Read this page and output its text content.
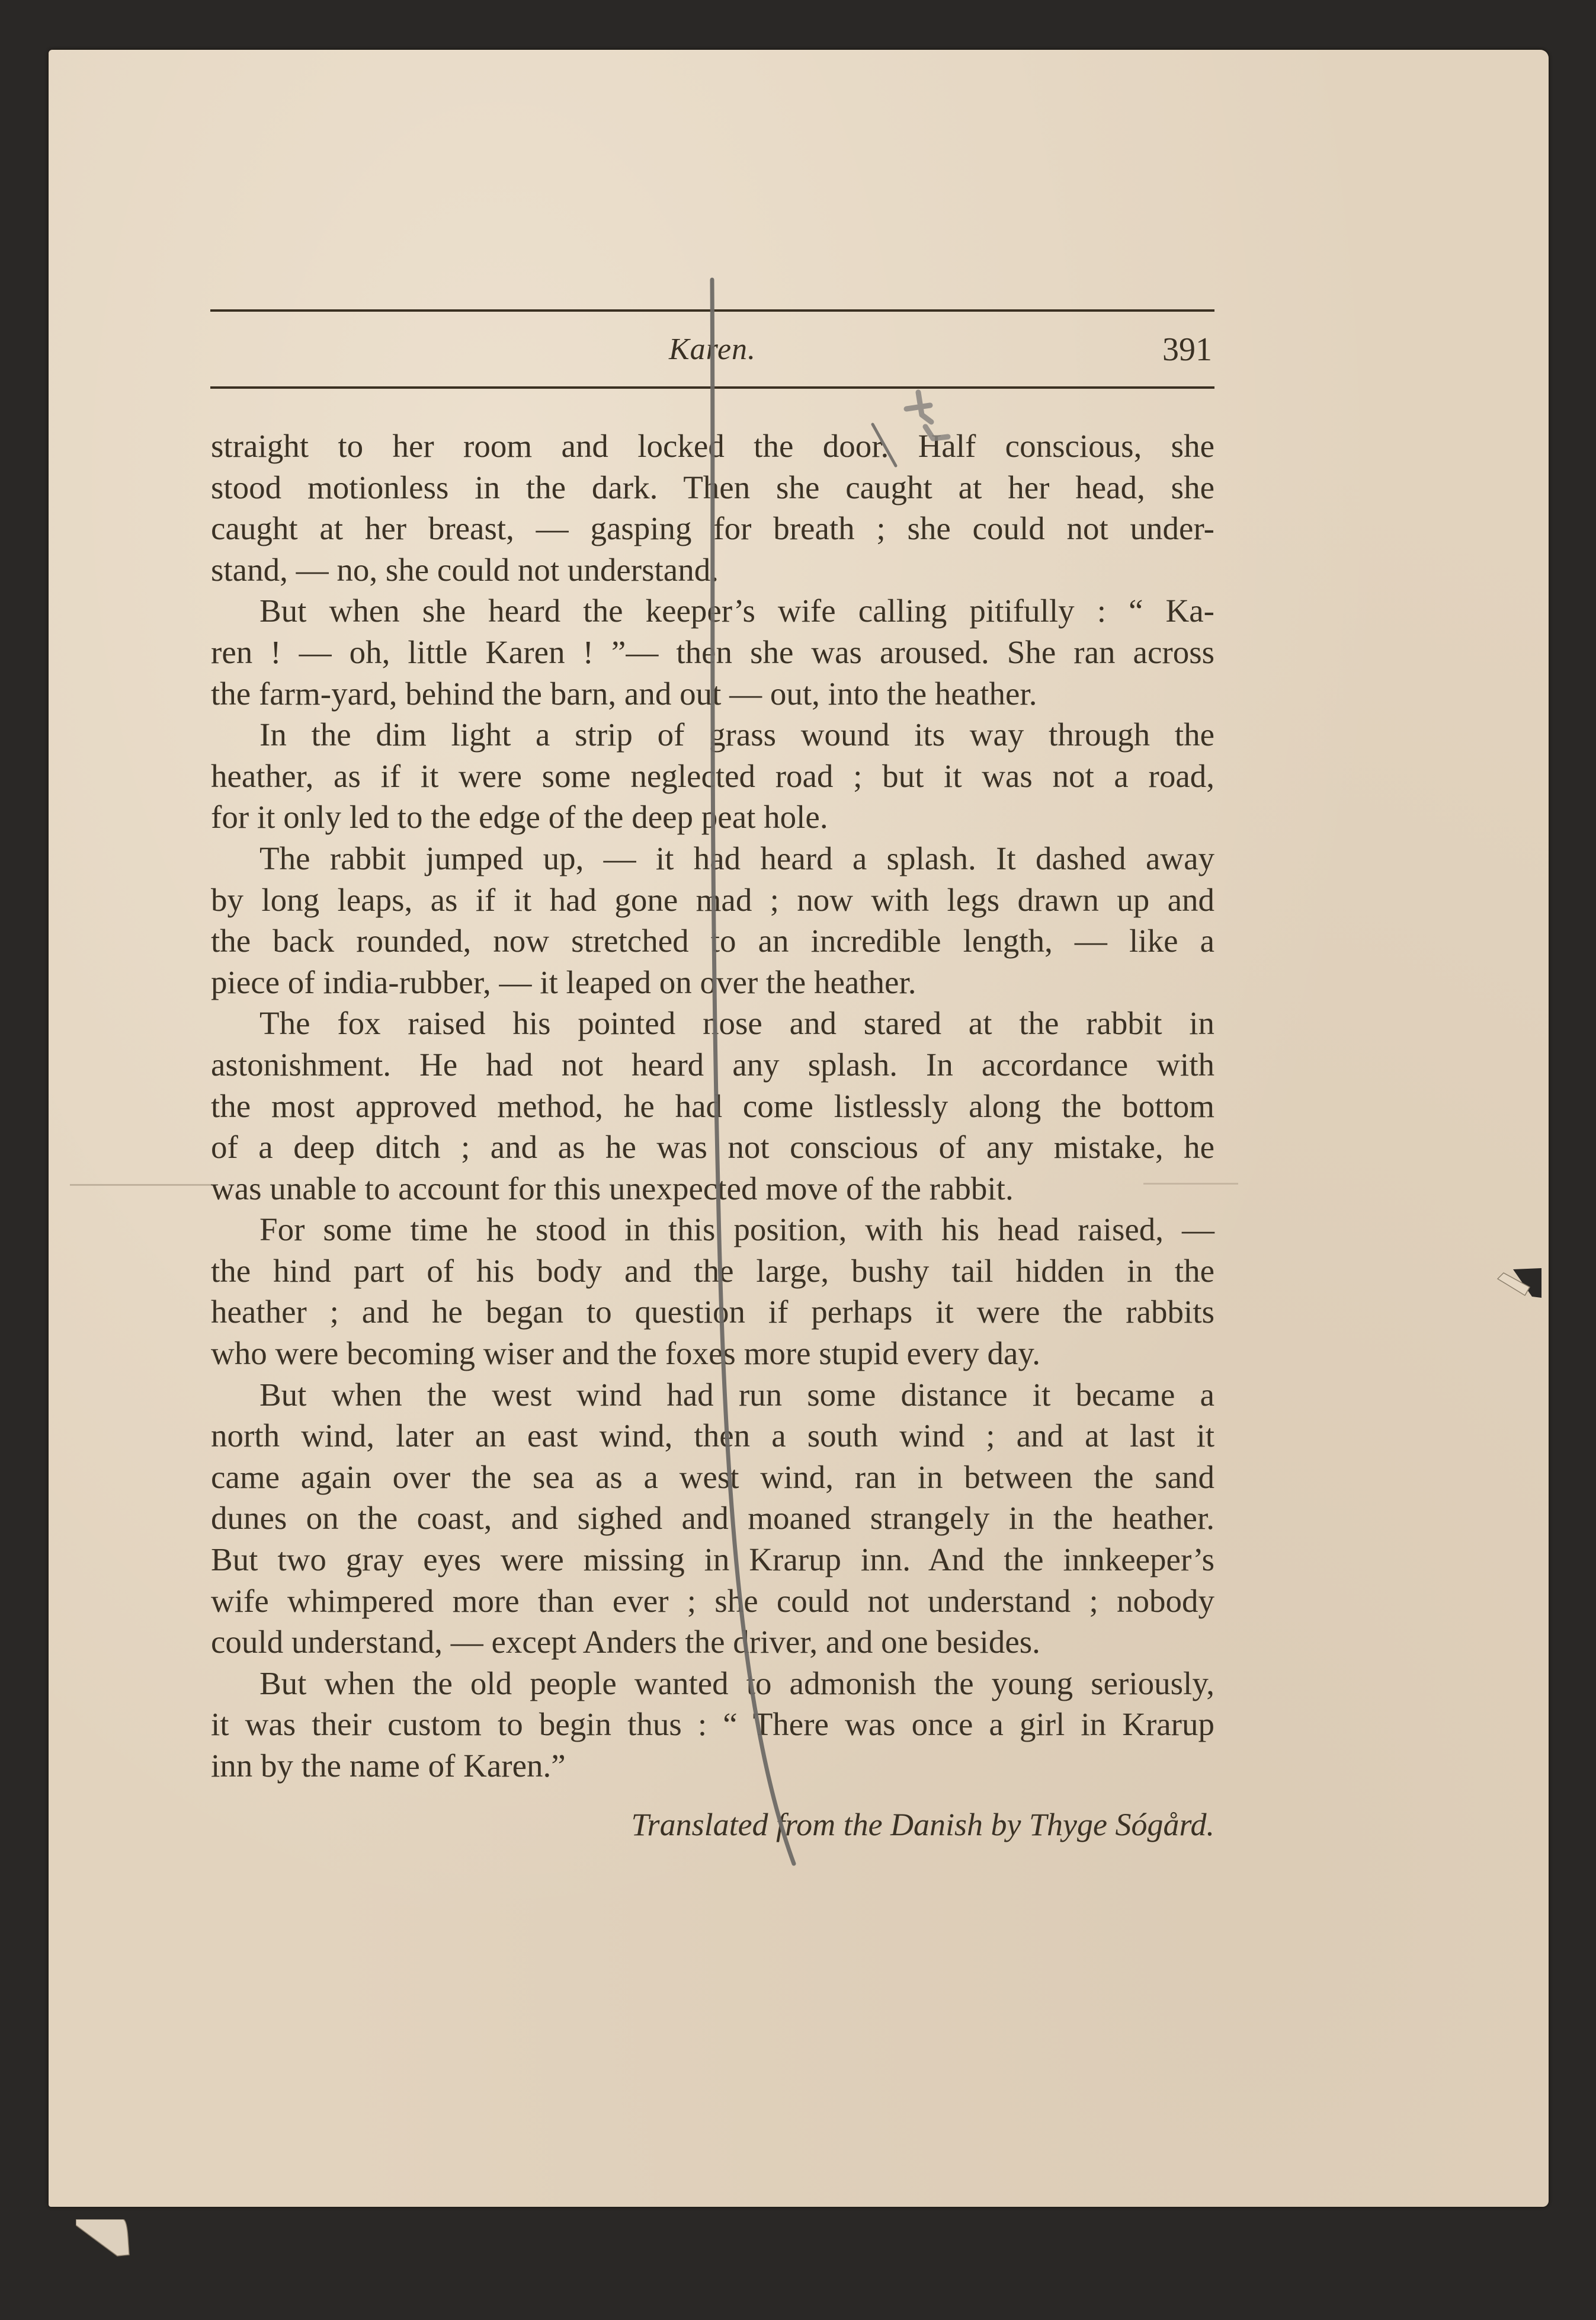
Karen.	391
straight to her room and locked the door. Half conscious, she
stood motionless in the dark. Then she caught at her head, she
caught at her breast, — gasping for breath ; she could not under-
stand, — no, she could not understand.
But when she heard the keeper’s wife calling pitifully : “ Ka-
ren ! — oh, little Karen ! ”— then she was aroused. She ran across
the farm-yard, behind the barn, and out — out, into the heather.
In the dim light a strip of grass wound its way through the
heather, as if it were some neglected road ; but it was not a road,
for it only led to the edge of the deep peat hole.
The rabbit jumped up, — it had heard a splash. It dashed away
by long leaps, as if it had gone mad ; now with legs drawn up and
the back rounded, now stretched to an incredible length, — like a
piece of india-rubber, — it leaped on over the heather.
The fox raised his pointed nose and stared at the rabbit in
astonishment. He had not heard any splash. In accordance with
the most approved method, he had come listlessly along the bottom
of a deep ditch ; and as he was not conscious of any mistake, he
was unable to account for this unexpected move of the rabbit.
For some time he stood in this position, with his head raised, —
the hind part of his body and the large, bushy tail hidden in the
heather ; and he began to question if perhaps it were the rabbits
who were becoming wiser and the foxes more stupid every day.
But when the west wind had run some distance it became a
north wind, later an east wind, then a south wind ; and at last it
came again over the sea as a west wind, ran in between the sand
dunes on the coast, and sighed and moaned strangely in the heather.
But two gray eyes were missing in Krarup inn. And the innkeeper’s
wife whimpered more than ever ; she could not understand ; nobody
could understand, — except Anders the driver, and one besides.
But when the old people wanted to admonish the young seriously,
it was their custom to begin thus : “ There was once a girl in Krarup
inn by the name of Karen.”
Translated from the Danish by Thyge Sógård.
